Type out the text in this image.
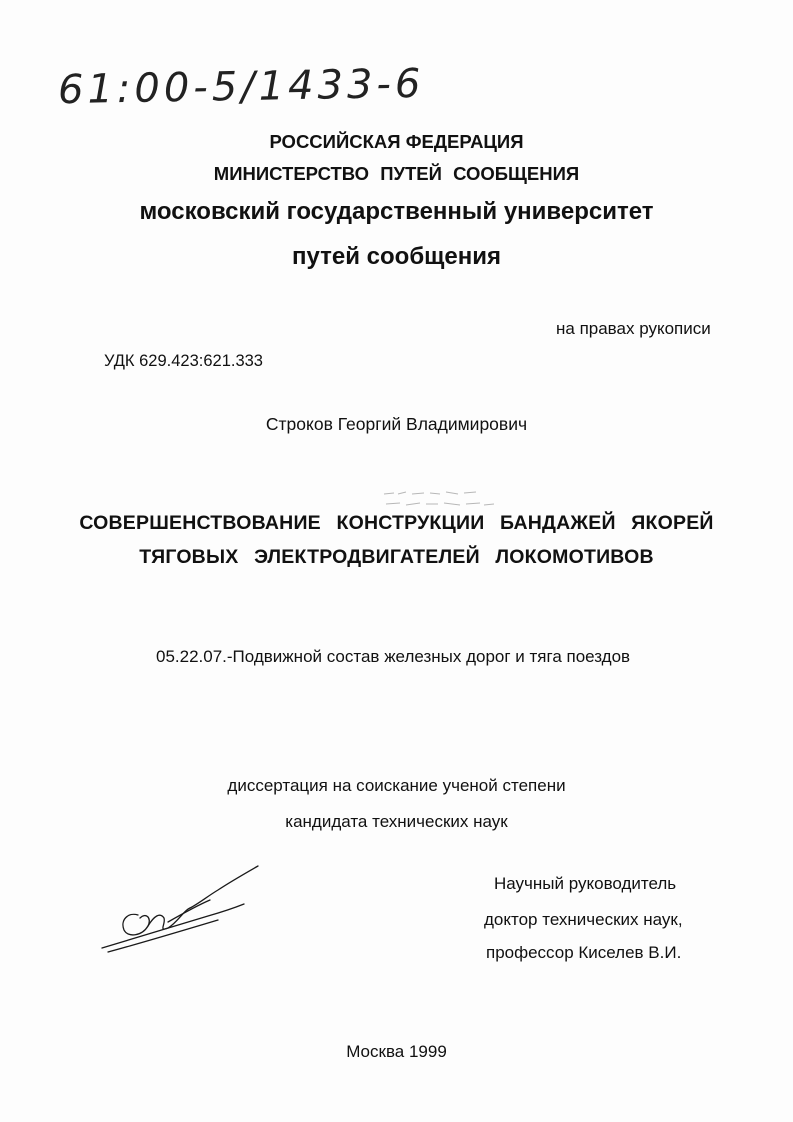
61:00-5/1433-6
РОССИЙСКАЯ ФЕДЕРАЦИЯ
МИНИСТЕРСТВО ПУТЕЙ СООБЩЕНИЯ
московский государственный университет
путей сообщения
на правах рукописи
УДК 629.423:621.333
Строков Георгий Владимирович
СОВЕРШЕНСТВОВАНИЕ КОНСТРУКЦИИ БАНДАЖЕЙ ЯКОРЕЙ
ТЯГОВЫХ ЭЛЕКТРОДВИГАТЕЛЕЙ ЛОКОМОТИВОВ
05.22.07.-Подвижной состав железных дорог и тяга поездов
диссертация на соискание ученой степени
кандидата технических наук
Научный руководитель
доктор технических наук,
профессор Киселев В.И.
Москва 1999
